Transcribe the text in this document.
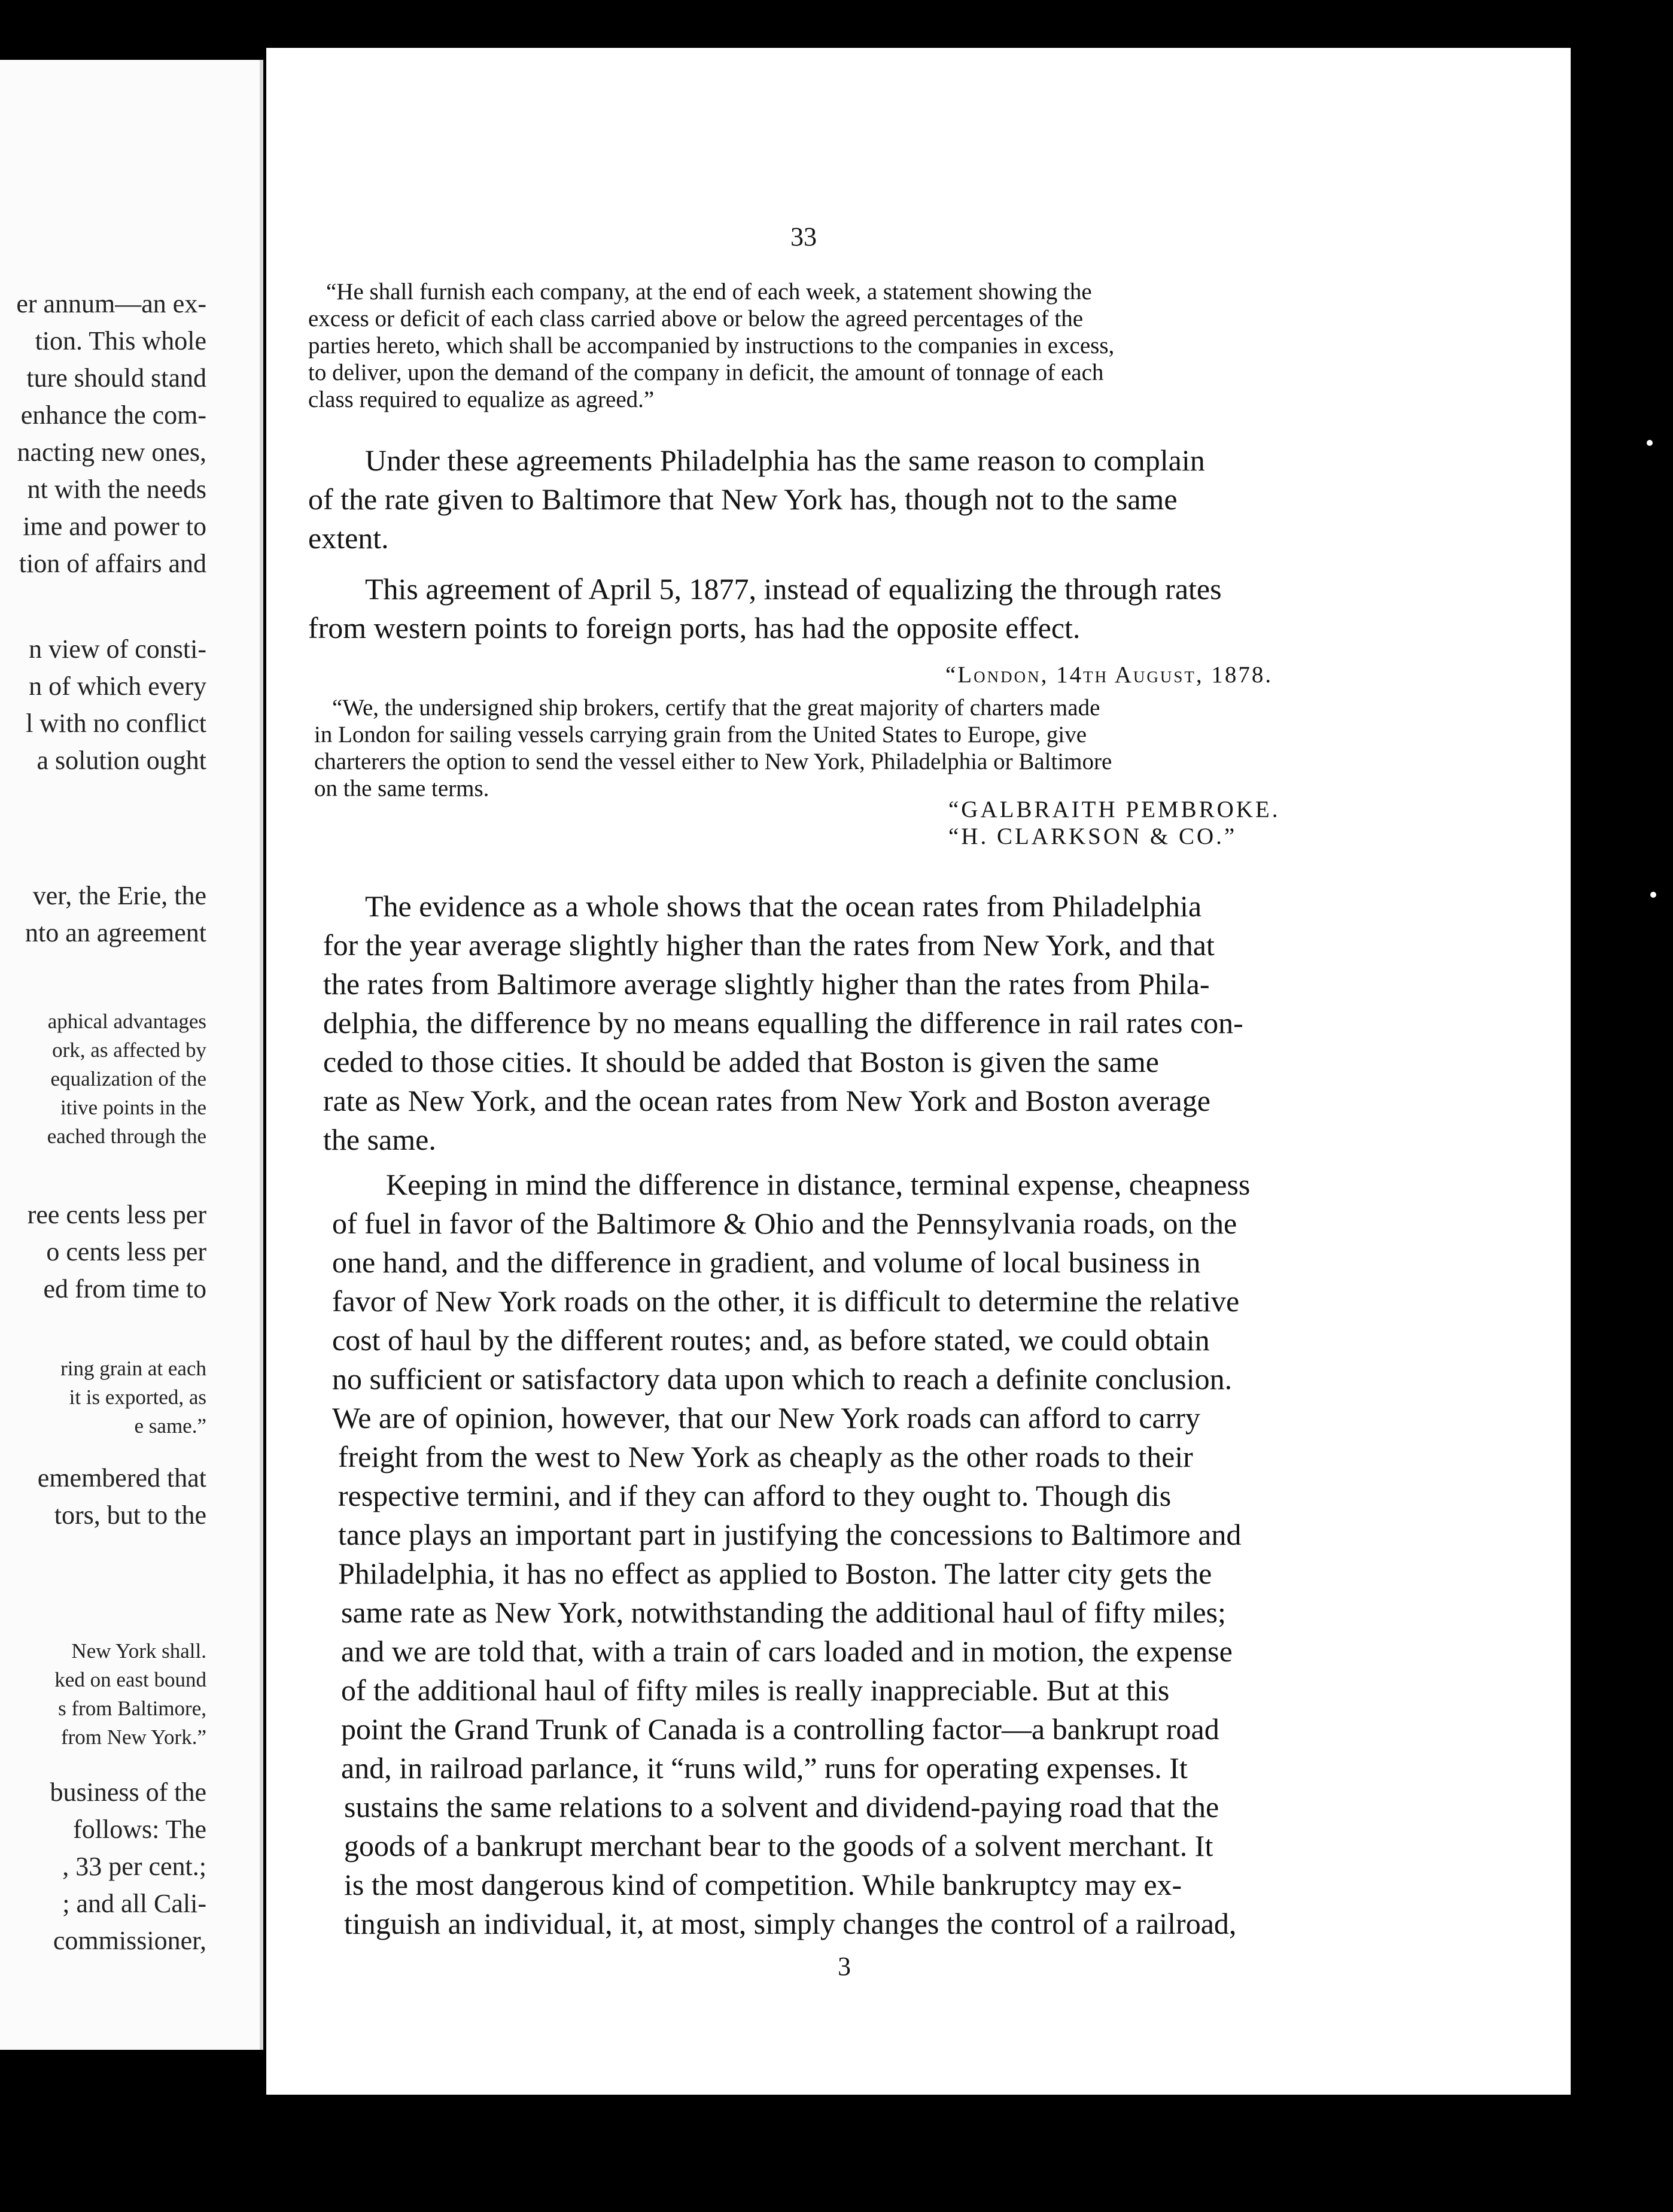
er annum—an ex-
tion. This whole
ture should stand
enhance the com-
nacting new ones,
nt with the needs
ime and power to
tion of affairs and
n view of consti-
n of which every
l with no conflict
a solution ought
ver, the Erie, the
nto an agreement
aphical advantages
ork, as affected by
equalization of the
itive points in the
eached through the
ree cents less per
o cents less per
ed from time to
ring grain at each
it is exported, as
e same.”
emembered that
tors, but to the
New York shall.
ked on east bound
s from Baltimore,
from New York.”
business of the
follows: The
, 33 per cent.;
; and all Cali-
commissioner,
33
“He shall furnish each company, at the end of each week, a statement showing the
excess or deficit of each class carried above or below the agreed percentages of the
parties hereto, which shall be accompanied by instructions to the companies in excess,
to deliver, upon the demand of the company in deficit, the amount of tonnage of each
class required to equalize as agreed.”
Under these agreements Philadelphia has the same reason to complain
of the rate given to Baltimore that New York has, though not to the same
extent.
This agreement of April 5, 1877, instead of equalizing the through rates
from western points to foreign ports, has had the opposite effect.
“London, 14th August, 1878.
“We, the undersigned ship brokers, certify that the great majority of charters made
in London for sailing vessels carrying grain from the United States to Europe, give
charterers the option to send the vessel either to New York, Philadelphia or Baltimore
on the same terms.
“GALBRAITH PEMBROKE.
“H. CLARKSON & CO.”
The evidence as a whole shows that the ocean rates from Philadelphia
for the year average slightly higher than the rates from New York, and that
the rates from Baltimore average slightly higher than the rates from Phila-
delphia, the difference by no means equalling the difference in rail rates con-
ceded to those cities. It should be added that Boston is given the same
rate as New York, and the ocean rates from New York and Boston average
the same.
Keeping in mind the difference in distance, terminal expense, cheapness
of fuel in favor of the Baltimore & Ohio and the Pennsylvania roads, on the
one hand, and the difference in gradient, and volume of local business in
favor of New York roads on the other, it is difficult to determine the relative
cost of haul by the different routes; and, as before stated, we could obtain
no sufficient or satisfactory data upon which to reach a definite conclusion.
We are of opinion, however, that our New York roads can afford to carry
freight from the west to New York as cheaply as the other roads to their
respective termini, and if they can afford to they ought to. Though dis
tance plays an important part in justifying the concessions to Baltimore and
Philadelphia, it has no effect as applied to Boston. The latter city gets the
same rate as New York, notwithstanding the additional haul of fifty miles;
and we are told that, with a train of cars loaded and in motion, the expense
of the additional haul of fifty miles is really inappreciable. But at this
point the Grand Trunk of Canada is a controlling factor—a bankrupt road
and, in railroad parlance, it “runs wild,” runs for operating expenses. It
sustains the same relations to a solvent and dividend-paying road that the
goods of a bankrupt merchant bear to the goods of a solvent merchant. It
is the most dangerous kind of competition. While bankruptcy may ex-
tinguish an individual, it, at most, simply changes the control of a railroad,
3
